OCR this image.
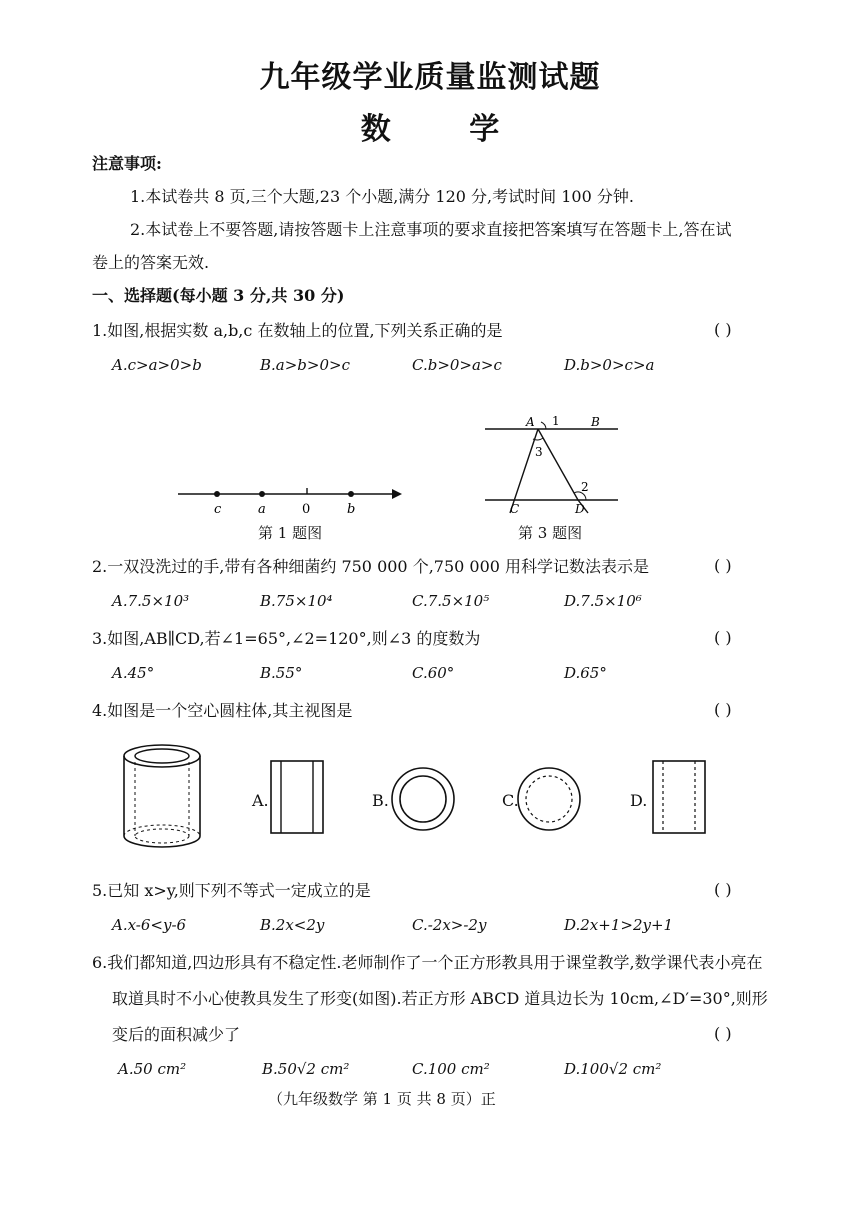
九年级学业质量监测试题
数 学
注意事项:
1.本试卷共 8 页,三个大题,23 个小题,满分 120 分,考试时间 100 分钟.
2.本试卷上不要答题,请按答题卡上注意事项的要求直接把答案填写在答题卡上,答在试
卷上的答案无效.
一、选择题(每小题 3 分,共 30 分)
1.如图,根据实数 a,b,c 在数轴上的位置,下列关系正确的是	( )
A.c>a>0>b	B.a>b>0>c	C.b>0>a>c	D.b>0>c>a
c	a	0	b
第 1 题图
A 1	B
3
2
C	D
第 3 题图
2.一双没洗过的手,带有各种细菌约 750 000 个,750 000 用科学记数法表示是	( )
A.7.5×10³	B.75×10⁴	C.7.5×10⁵	D.7.5×10⁶
3.如图,AB∥CD,若∠1=65°,∠2=120°,则∠3 的度数为	( )
A.45°	B.55°	C.60°	D.65°
4.如图是一个空心圆柱体,其主视图是	( )
A.	B.	C.	D.
5.已知 x>y,则下列不等式一定成立的是	( )
A.x-6<y-6	B.2x<2y	C.-2x>-2y	D.2x+1>2y+1
6.我们都知道,四边形具有不稳定性.老师制作了一个正方形教具用于课堂教学,数学课代表小亮在
取道具时不小心使教具发生了形变(如图).若正方形 ABCD 道具边长为 10cm,∠D′=30°,则形
变后的面积减少了	( )
A.50 cm²	B.50√2 cm²	C.100 cm²	D.100√2 cm²
（九年级数学 第 1 页 共 8 页）正
